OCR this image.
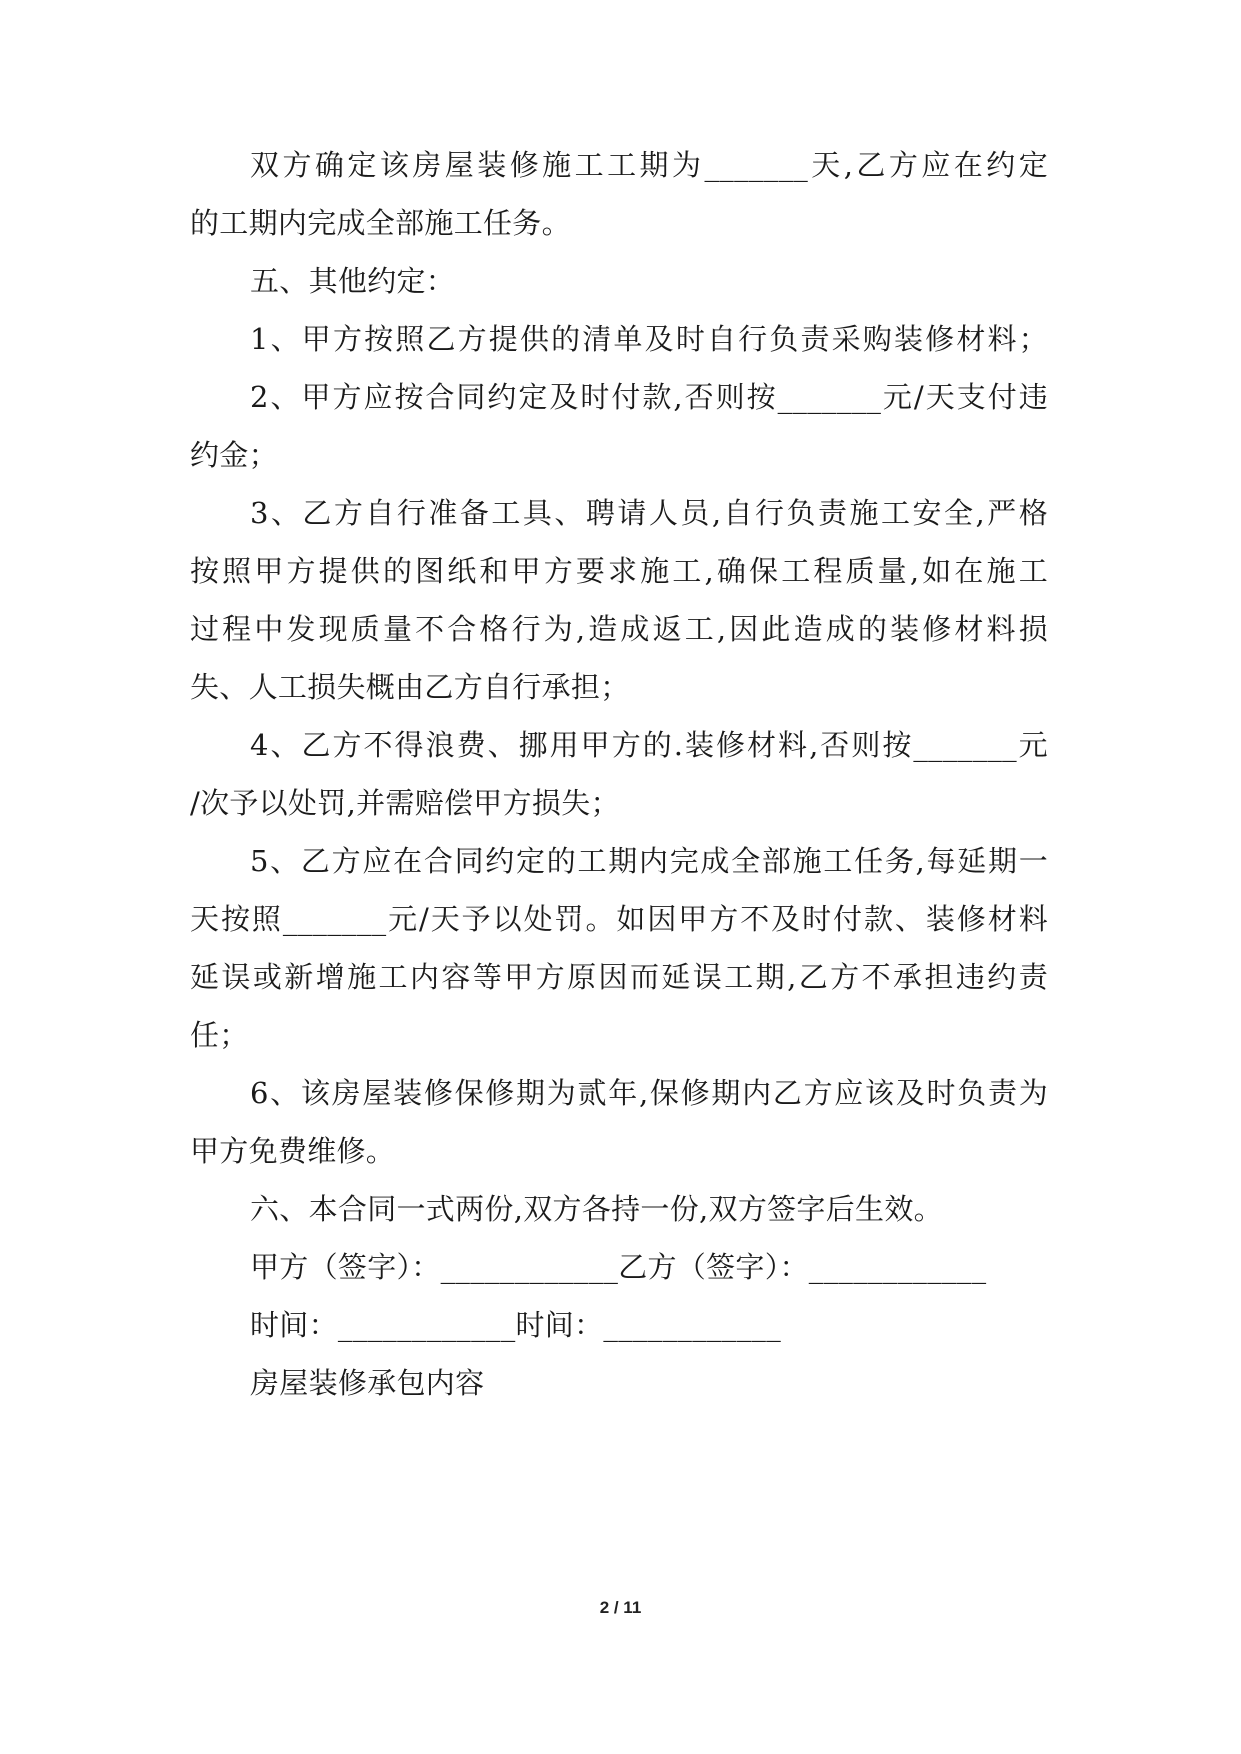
双方确定该房屋装修施工工期为_______天,乙方应在约定
的工期内完成全部施工任务。
五、其他约定：
1、甲方按照乙方提供的清单及时自行负责采购装修材料；
2、甲方应按合同约定及时付款,否则按_______元/天支付违
约金；
3、乙方自行准备工具、聘请人员,自行负责施工安全,严格
按照甲方提供的图纸和甲方要求施工,确保工程质量,如在施工
过程中发现质量不合格行为,造成返工,因此造成的装修材料损
失、人工损失概由乙方自行承担；
4、乙方不得浪费、挪用甲方的.装修材料,否则按_______元
/次予以处罚,并需赔偿甲方损失；
5、乙方应在合同约定的工期内完成全部施工任务,每延期一
天按照_______元/天予以处罚。如因甲方不及时付款、装修材料
延误或新增施工内容等甲方原因而延误工期,乙方不承担违约责
任；
6、该房屋装修保修期为贰年,保修期内乙方应该及时负责为
甲方免费维修。
六、本合同一式两份,双方各持一份,双方签字后生效。
甲方（签字）：____________乙方（签字）：____________
时间：____________时间：____________
房屋装修承包内容
2 / 11
